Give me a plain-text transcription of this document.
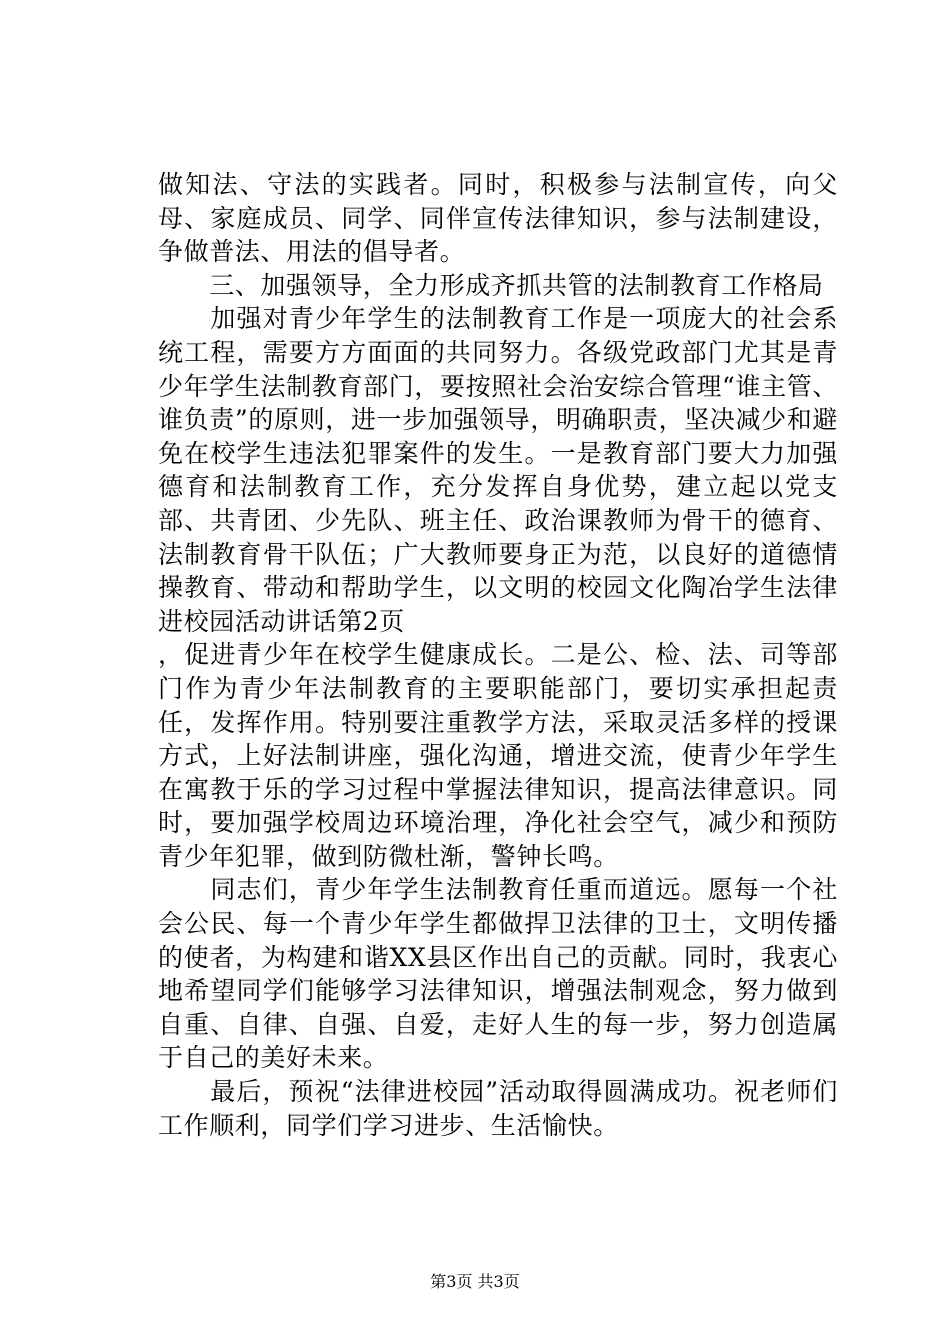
做知法、守法的实践者。同时，积极参与法制宣传，向父母、家庭成员、同学、同伴宣传法律知识，参与法制建设，争做普法、用法的倡导者。

　　三、加强领导，全力形成齐抓共管的法制教育工作格局

　　加强对青少年学生的法制教育工作是一项庞大的社会系统工程，需要方方面面的共同努力。各级党政部门尤其是青少年学生法制教育部门，要按照社会治安综合管理“谁主管、谁负责”的原则，进一步加强领导，明确职责，坚决减少和避免在校学生违法犯罪案件的发生。一是教育部门要大力加强德育和法制教育工作，充分发挥自身优势，建立起以党支部、共青团、少先队、班主任、政治课教师为骨干的德育、法制教育骨干队伍；广大教师要身正为范，以良好的道德情操教育、带动和帮助学生，以文明的校园文化陶冶学生法律进校园活动讲话第2页

，促进青少年在校学生健康成长。二是公、检、法、司等部门作为青少年法制教育的主要职能部门，要切实承担起责任，发挥作用。特别要注重教学方法，采取灵活多样的授课方式，上好法制讲座，强化沟通，增进交流，使青少年学生在寓教于乐的学习过程中掌握法律知识，提高法律意识。同时，要加强学校周边环境治理，净化社会空气，减少和预防青少年犯罪，做到防微杜渐，警钟长鸣。

　　同志们，青少年学生法制教育任重而道远。愿每一个社会公民、每一个青少年学生都做捍卫法律的卫士，文明传播的使者，为构建和谐XX县区作出自己的贡献。同时，我衷心地希望同学们能够学习法律知识，增强法制观念，努力做到自重、自律、自强、自爱，走好人生的每一步，努力创造属于自己的美好未来。

　　最后，预祝“法律进校园”活动取得圆满成功。祝老师们工作顺利，同学们学习进步、生活愉快。

第3页 共3页
